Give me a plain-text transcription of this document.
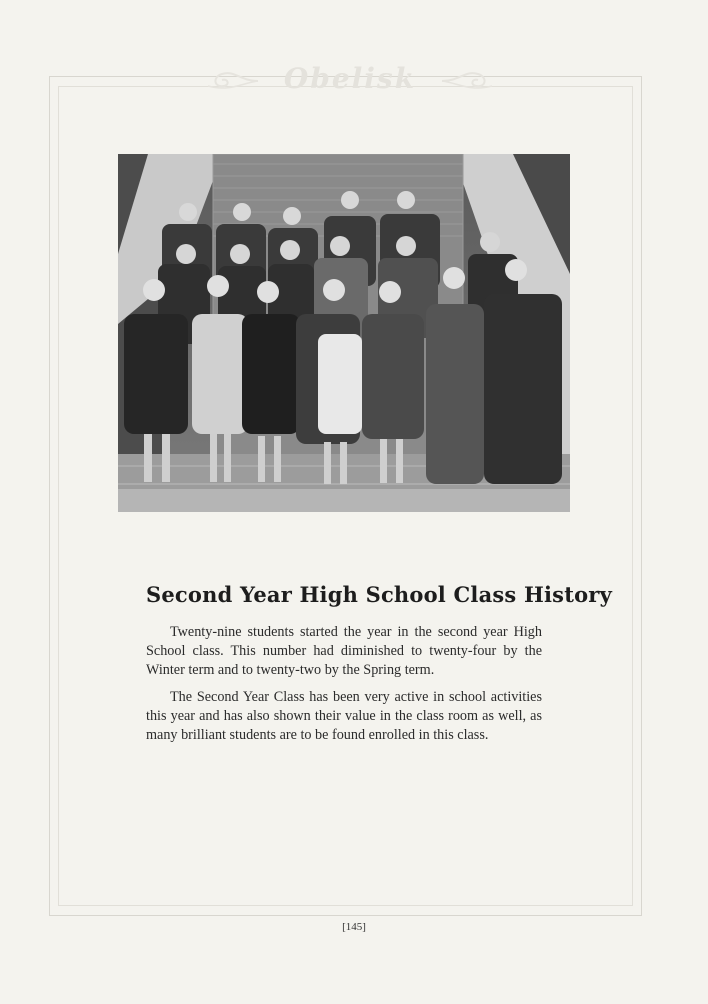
Obelisk
Second Year High School Class History

Twenty-nine students started the year in the second year High School class. This number had diminished to twenty-four by the Winter term and to twenty-two by the Spring term.

The Second Year Class has been very active in school activities this year and has also shown their value in the class room as well, as many brilliant students are to be found enrolled in this class.

[145]
